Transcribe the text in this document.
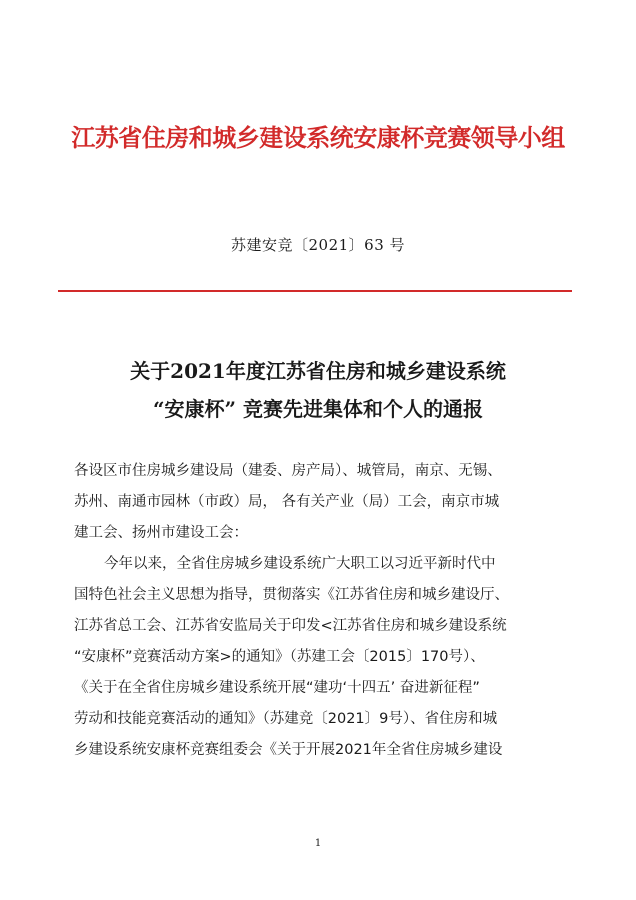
江苏省住房和城乡建设系统安康杯竞赛领导小组
苏建安竞〔2021〕63 号
关于2021年度江苏省住房和城乡建设系统
“安康杯” 竞赛先进集体和个人的通报
各设区市住房城乡建设局（建委、房产局）、城管局，南京、无锡、
苏州、南通市园林（市政）局， 各有关产业（局）工会，南京市城
建工会、扬州市建设工会：
今年以来，全省住房城乡建设系统广大职工以习近平新时代中
国特色社会主义思想为指导，贯彻落实《江苏省住房和城乡建设厅、
江苏省总工会、江苏省安监局关于印发<江苏省住房和城乡建设系统
“安康杯”竞赛活动方案>的通知》（苏建工会〔2015〕170号）、
《关于在全省住房城乡建设系统开展“建功‘十四五’ 奋进新征程”
劳动和技能竞赛活动的通知》（苏建竞〔2021〕9号）、省住房和城
乡建设系统安康杯竞赛组委会《关于开展2021年全省住房城乡建设
1
